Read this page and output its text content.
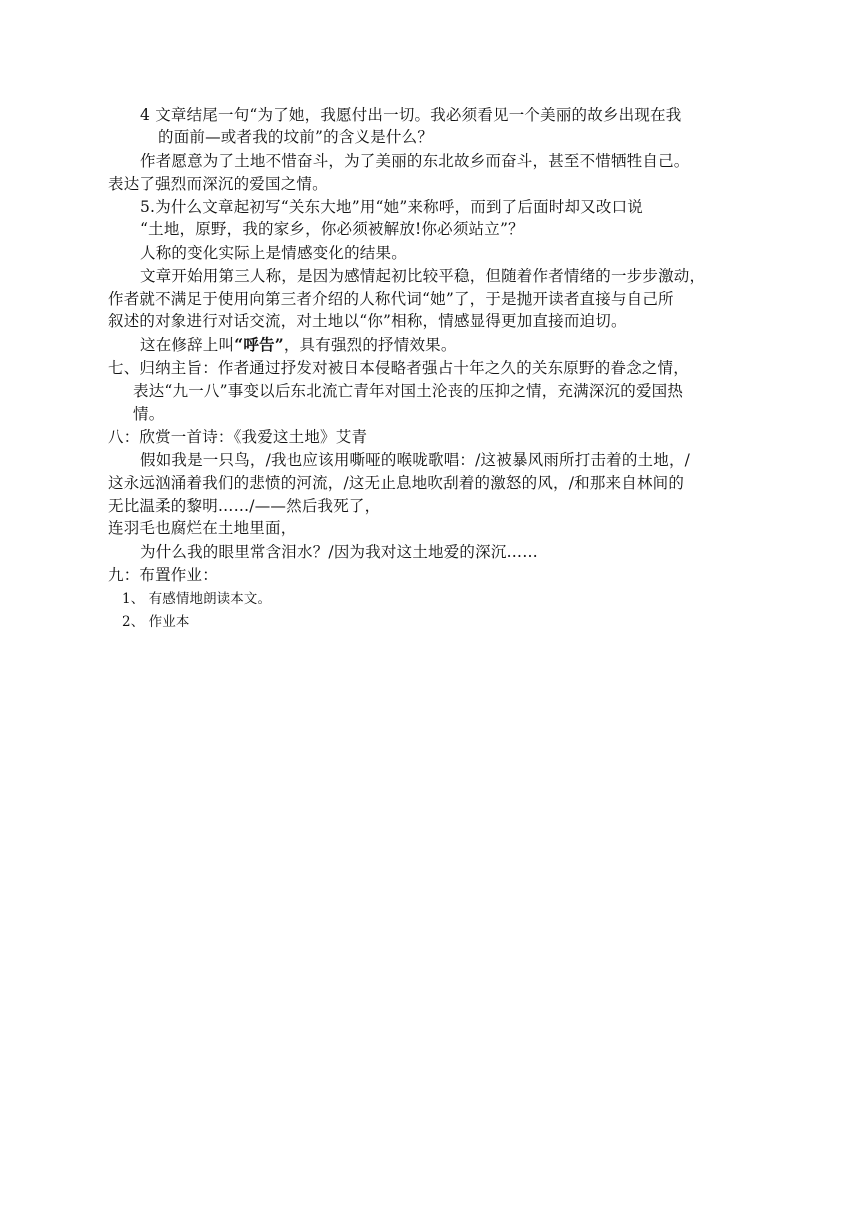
4 文章结尾一句“为了她，我愿付出一切。我必须看见一个美丽的故乡出现在我
的面前—或者我的坟前”的含义是什么？
作者愿意为了土地不惜奋斗，为了美丽的东北故乡而奋斗，甚至不惜牺牲自己。
表达了强烈而深沉的爱国之情。
5.为什么文章起初写“关东大地”用“她”来称呼，而到了后面时却又改口说
“土地，原野，我的家乡，你必须被解放!你必须站立”？
人称的变化实际上是情感变化的结果。
文章开始用第三人称，是因为感情起初比较平稳，但随着作者情绪的一步步激动，
作者就不满足于使用向第三者介绍的人称代词“她”了，于是抛开读者直接与自己所
叙述的对象进行对话交流，对土地以“你”相称，情感显得更加直接而迫切。
这在修辞上叫“呼告”，具有强烈的抒情效果。
七、归纳主旨：作者通过抒发对被日本侵略者强占十年之久的关东原野的眷念之情，
表达“九一八”事变以后东北流亡青年对国土沦丧的压抑之情，充满深沉的爱国热
情。
八：欣赏一首诗：《我爱这土地》艾青
假如我是一只鸟，/我也应该用嘶哑的喉咙歌唱：/这被暴风雨所打击着的土地，/
这永远汹涌着我们的悲愤的河流，/这无止息地吹刮着的激怒的风，/和那来自林间的
无比温柔的黎明……/——然后我死了，
连羽毛也腐烂在土地里面，
为什么我的眼里常含泪水？/因为我对这土地爱的深沉……
九：布置作业：
1、 有感情地朗读本文。
2、 作业本
